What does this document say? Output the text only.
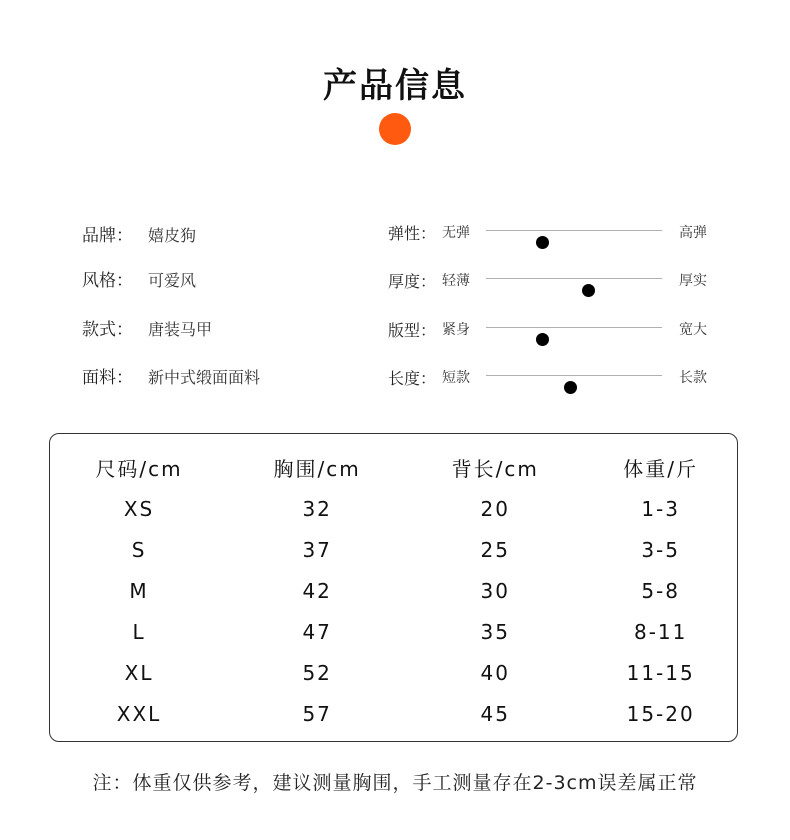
产品信息
品牌： 嬉皮狗
风格： 可爱风
款式： 唐装马甲
面料： 新中式缎面面料
弹性： 无弹	高弹
厚度： 轻薄	厚实
版型： 紧身	宽大
长度： 短款	长款
尺码/cm	胸围/cm	背长/cm	体重/斤
XS	32	20	1-3
S	37	25	3-5
M	42	30	5-8
L	47	35	8-11
XL	52	40	11-15
XXL	57	45	15-20
注：体重仅供参考，建议测量胸围，手工测量存在2-3cm误差属正常
